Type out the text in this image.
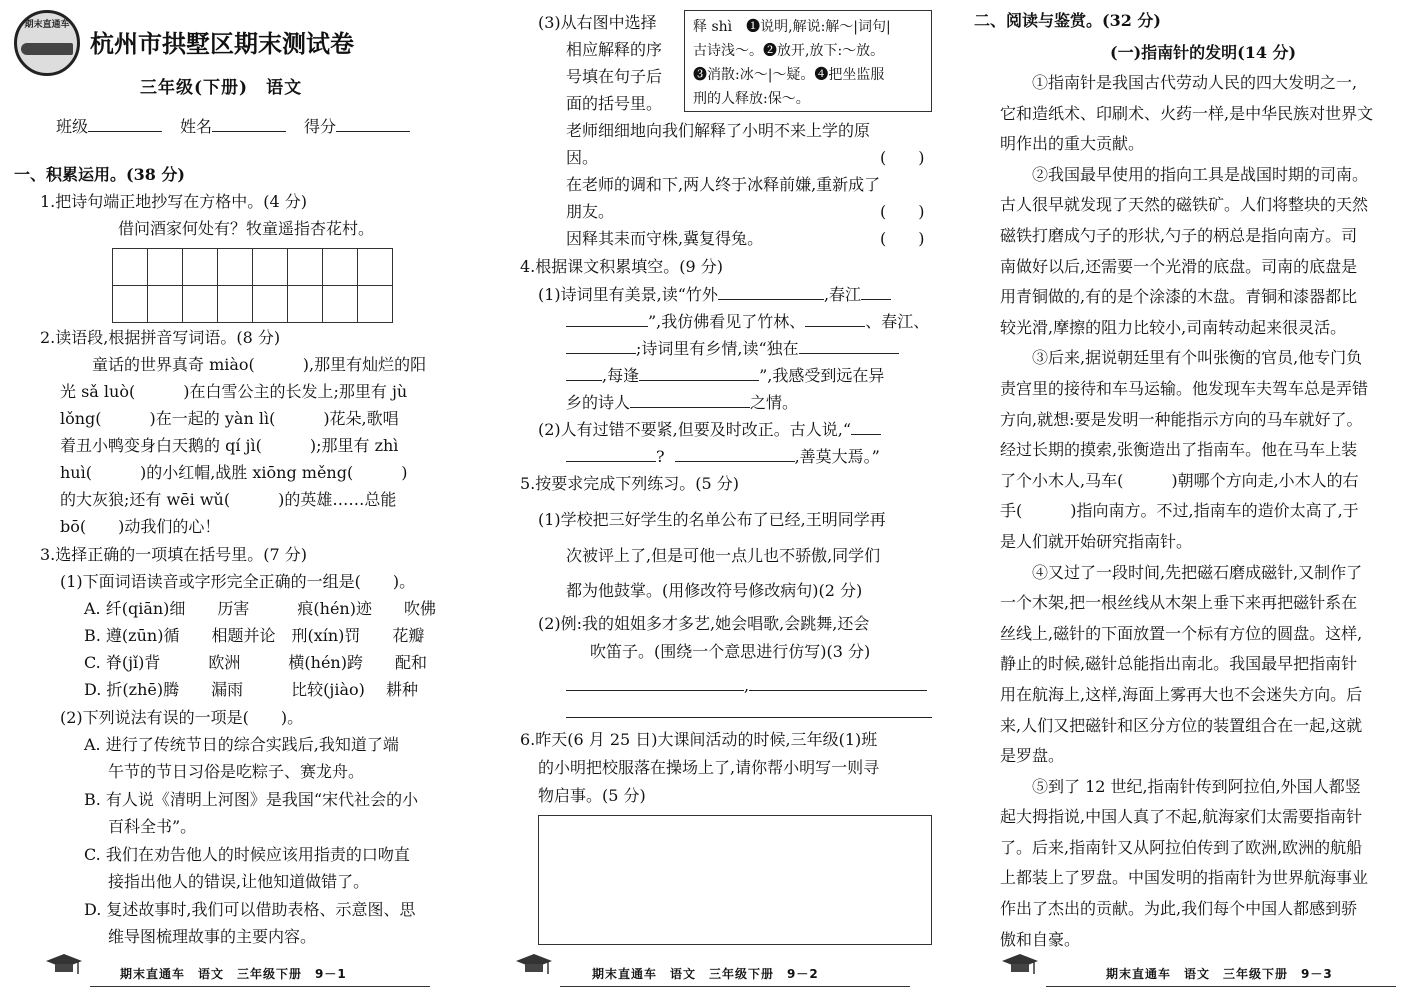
期末直通车
杭州市拱墅区期末测试卷
三年级(下册)　语文
班级	姓名	得分
一、积累运用。(38 分)
1.把诗句端正地抄写在方格中。(4 分)
借问酒家何处有？牧童遥指杏花村。

2.读语段,根据拼音写词语。(8 分)
　　童话的世界真奇 miào(　　　),那里有灿烂的阳
光 sǎ luò(　　　)在白雪公主的长发上;那里有 jù
lǒng(　　　)在一起的 yàn lì(　　　)花朵,歌唱
着丑小鸭变身白天鹅的 qí jì(　　　);那里有 zhì
huì(　　　)的小红帽,战胜 xiōng měng(　　　)
的大灰狼;还有 wēi wǔ(　　　)的英雄……总能
bō(　　)动我们的心！
3.选择正确的一项填在括号里。(7 分)
(1)下面词语读音或字形完全正确的一组是(　　)。
A. 纤(qiān)细　　历害　　　痕(hén)迹　　吹佛
B. 遵(zūn)循　　相题并论　刑(xín)罚　　花瓣
C. 脊(jǐ)背　　　欧洲　　　横(hén)跨　　配和
D. 折(zhē)腾　　漏雨　　　比较(jiào)　 耕种
(2)下列说法有误的一项是(　　)。
A. 进行了传统节日的综合实践后,我知道了端
午节的节日习俗是吃粽子、赛龙舟。
B. 有人说《清明上河图》是我国“宋代社会的小
百科全书”。
C. 我们在劝告他人的时候应该用指责的口吻直
接指出他人的错误,让他知道做错了。
D. 复述故事时,我们可以借助表格、示意图、思
维导图梳理故事的主要内容。
期末直通车　语文　三年级下册　9－1
(3)从右图中选择
相应解释的序
号填在句子后
面的括号里。
释 shì　❶说明,解说:解～|词句|
古诗浅～。❷放开,放下:～放。
❸消散:冰～|～疑。❹把坐监服
刑的人释放:保～。
老师细细地向我们解释了小明不来上学的原
因。	(　　)
在老师的调和下,两人终于冰释前嫌,重新成了
朋友。	(　　)
因释其耒而守株,冀复得兔。	(　　)
4.根据课文积累填空。(9 分)
(1)诗词里有美景,读“竹外	,春江
”,我仿佛看见了竹林、	、春江、
;诗词里有乡情,读“独在
,每逢	”,我感受到远在异
乡的诗人	之情。
(2)人有过错不要紧,但要及时改正。古人说,“
?	,善莫大焉。”
5.按要求完成下列练习。(5 分)
(1)学校把三好学生的名单公布了已经,王明同学再
次被评上了,但是可他一点儿也不骄傲,同学们
都为他鼓掌。(用修改符号修改病句)(2 分)
(2)例:我的姐姐多才多艺,她会唱歌,会跳舞,还会
吹笛子。(围绕一个意思进行仿写)(3 分)
,
6.昨天(6 月 25 日)大课间活动的时候,三年级(1)班
的小明把校服落在操场上了,请你帮小明写一则寻
物启事。(5 分)
期末直通车　语文　三年级下册　9－2
二、阅读与鉴赏。(32 分)
(一)指南针的发明(14 分)
　　①指南针是我国古代劳动人民的四大发明之一,
它和造纸术、印刷术、火药一样,是中华民族对世界文
明作出的重大贡献。
　　②我国最早使用的指向工具是战国时期的司南。
古人很早就发现了天然的磁铁矿。人们将整块的天然
磁铁打磨成勺子的形状,勺子的柄总是指向南方。司
南做好以后,还需要一个光滑的底盘。司南的底盘是
用青铜做的,有的是个涂漆的木盘。青铜和漆器都比
较光滑,摩擦的阻力比较小,司南转动起来很灵活。
　　③后来,据说朝廷里有个叫张衡的官员,他专门负
责宫里的接待和车马运输。他发现车夫驾车总是弄错
方向,就想:要是发明一种能指示方向的马车就好了。
经过长期的摸索,张衡造出了指南车。他在马车上装
了个小木人,马车(　　　)朝哪个方向走,小木人的右
手(　　　)指向南方。不过,指南车的造价太高了,于
是人们就开始研究指南针。
　　④又过了一段时间,先把磁石磨成磁针,又制作了
一个木架,把一根丝线从木架上垂下来再把磁针系在
丝线上,磁针的下面放置一个标有方位的圆盘。这样,
静止的时候,磁针总能指出南北。我国最早把指南针
用在航海上,这样,海面上雾再大也不会迷失方向。后
来,人们又把磁针和区分方位的装置组合在一起,这就
是罗盘。
　　⑤到了 12 世纪,指南针传到阿拉伯,外国人都竖
起大拇指说,中国人真了不起,航海家们太需要指南针
了。后来,指南针又从阿拉伯传到了欧洲,欧洲的航船
上都装上了罗盘。中国发明的指南针为世界航海事业
作出了杰出的贡献。为此,我们每个中国人都感到骄
傲和自豪。
期末直通车　语文　三年级下册　9－3
